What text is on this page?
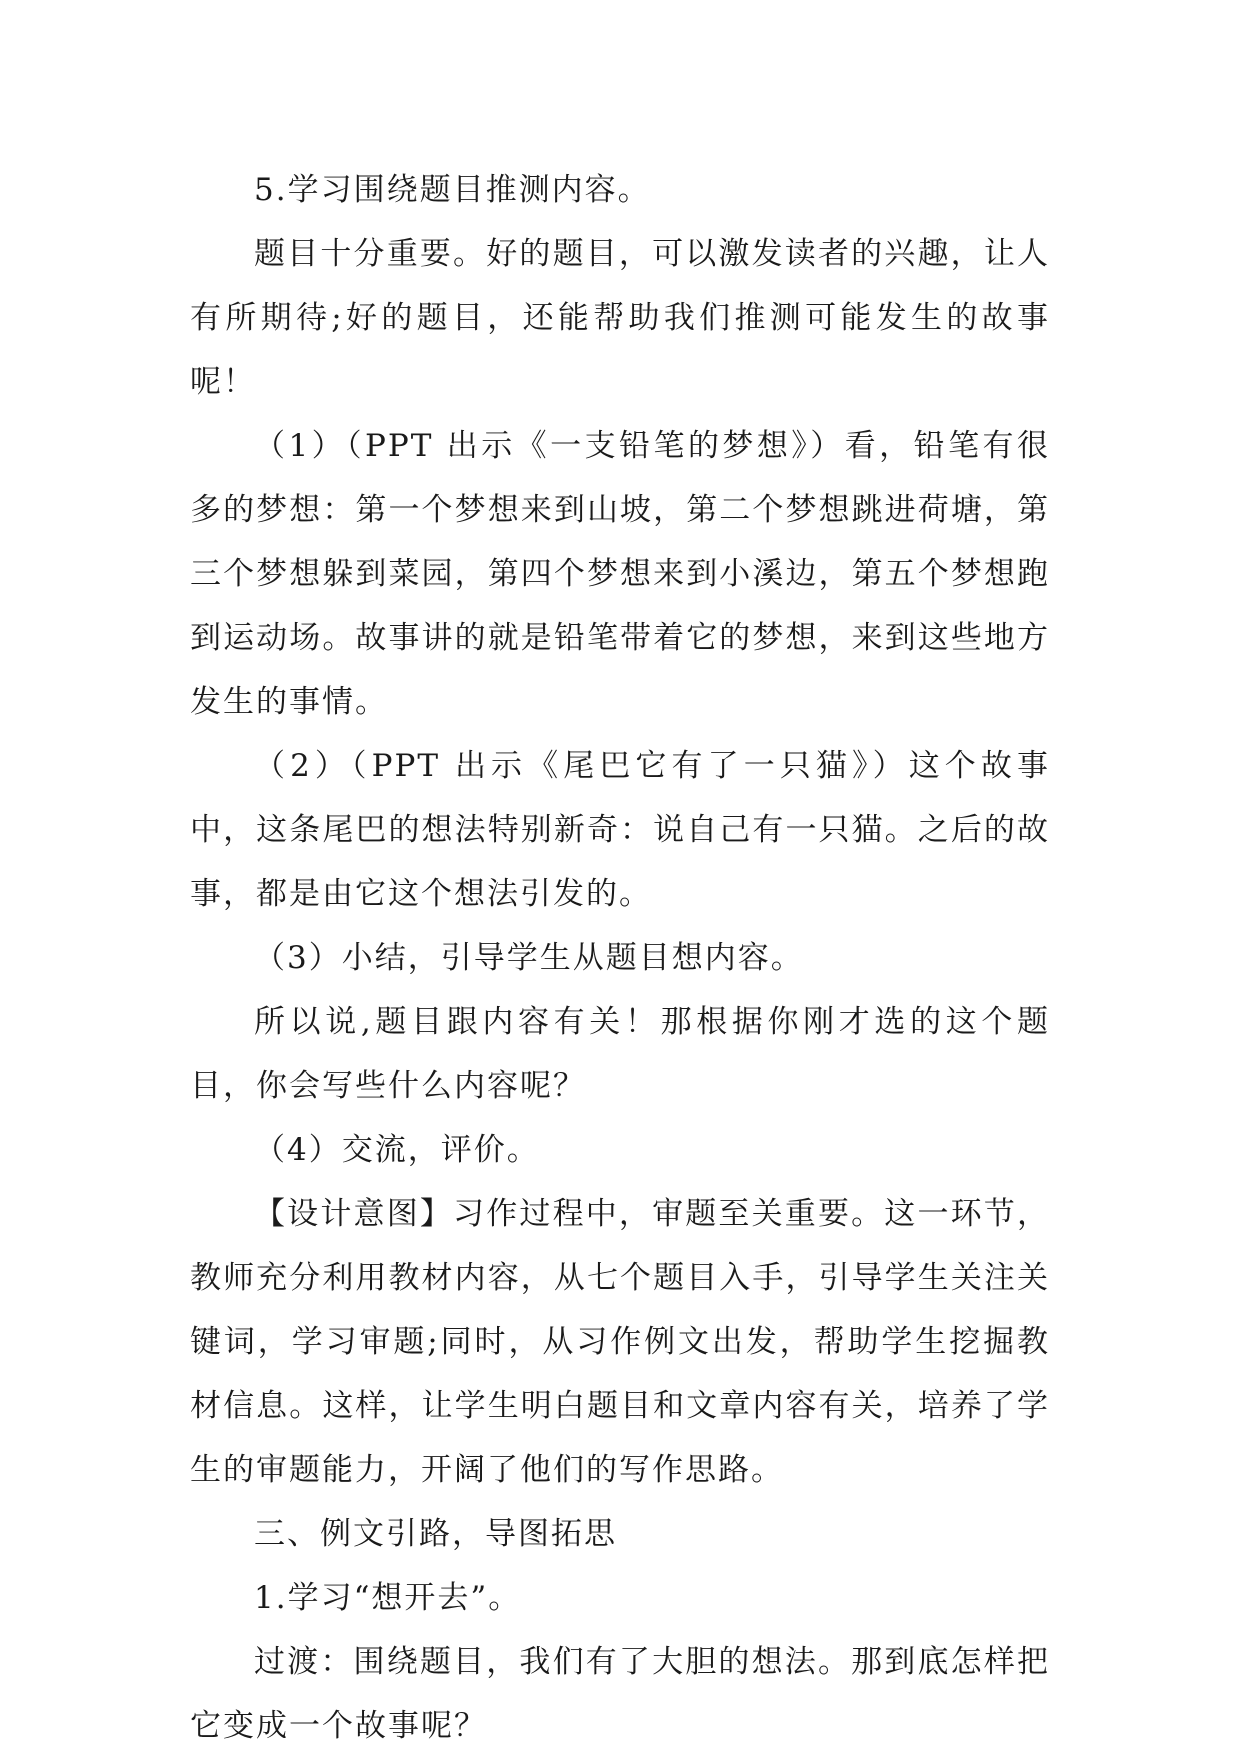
5.学习围绕题目推测内容。

题目十分重要。好的题目，可以激发读者的兴趣，让人有所期待;好的题目，还能帮助我们推测可能发生的故事呢！

（1）（PPT 出示《一支铅笔的梦想》）看，铅笔有很多的梦想：第一个梦想来到山坡，第二个梦想跳进荷塘，第三个梦想躲到菜园，第四个梦想来到小溪边，第五个梦想跑到运动场。故事讲的就是铅笔带着它的梦想，来到这些地方发生的事情。

（2）（PPT 出示《尾巴它有了一只猫》）这个故事中，这条尾巴的想法特别新奇：说自己有一只猫。之后的故事，都是由它这个想法引发的。

（3）小结，引导学生从题目想内容。

所以说,题目跟内容有关！那根据你刚才选的这个题目，你会写些什么内容呢？

（4）交流，评价。

【设计意图】习作过程中，审题至关重要。这一环节，教师充分利用教材内容，从七个题目入手，引导学生关注关键词，学习审题;同时，从习作例文出发，帮助学生挖掘教材信息。这样，让学生明白题目和文章内容有关，培养了学生的审题能力，开阔了他们的写作思路。

三、例文引路，导图拓思

1.学习“想开去”。

过渡：围绕题目，我们有了大胆的想法。那到底怎样把它变成一个故事呢？
